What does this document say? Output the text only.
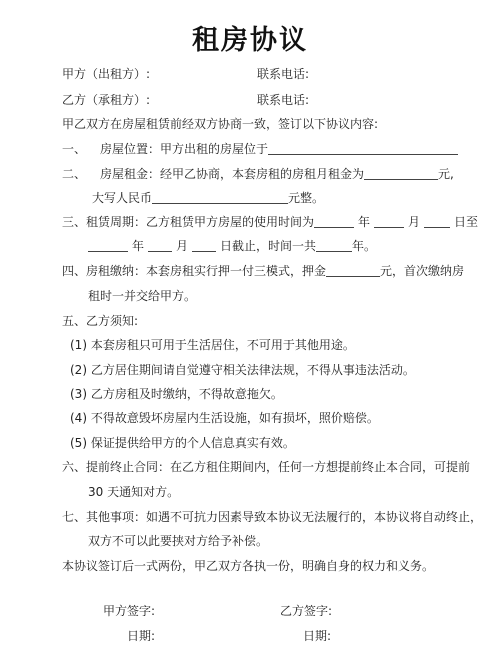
租房协议
甲方（出租方）:	联系电话:
乙方（承租方）:	联系电话:
甲乙双方在房屋租赁前经双方协商一致，签订以下协议内容:
一、 房屋位置：甲方出租的房屋位于
二、 房屋租金：经甲乙协商，本套房租的房租月租金为	元,
大写人民币	元整。
三、租赁周期：乙方租赁甲方房屋的使用时间为	年	月	日至
年	月	日截止，时间一共	年。
四、房租缴纳：本套房租实行押一付三模式，押金	元，首次缴纳房
租时一并交给甲方。
五、乙方须知:
(1) 本套房租只可用于生活居住，不可用于其他用途。
(2) 乙方居住期间请自觉遵守相关法律法规，不得从事违法活动。
(3) 乙方房租及时缴纳，不得故意拖欠。
(4) 不得故意毁坏房屋内生活设施，如有损坏，照价赔偿。
(5) 保证提供给甲方的个人信息真实有效。
六、提前终止合同：在乙方租住期间内，任何一方想提前终止本合同，可提前
30 天通知对方。
七、其他事项：如遇不可抗力因素导致本协议无法履行的，本协议将自动终止，
双方不可以此要挟对方给予补偿。
本协议签订后一式两份，甲乙双方各执一份，明确自身的权力和义务。
甲方签字:	乙方签字:
日期:	日期:
